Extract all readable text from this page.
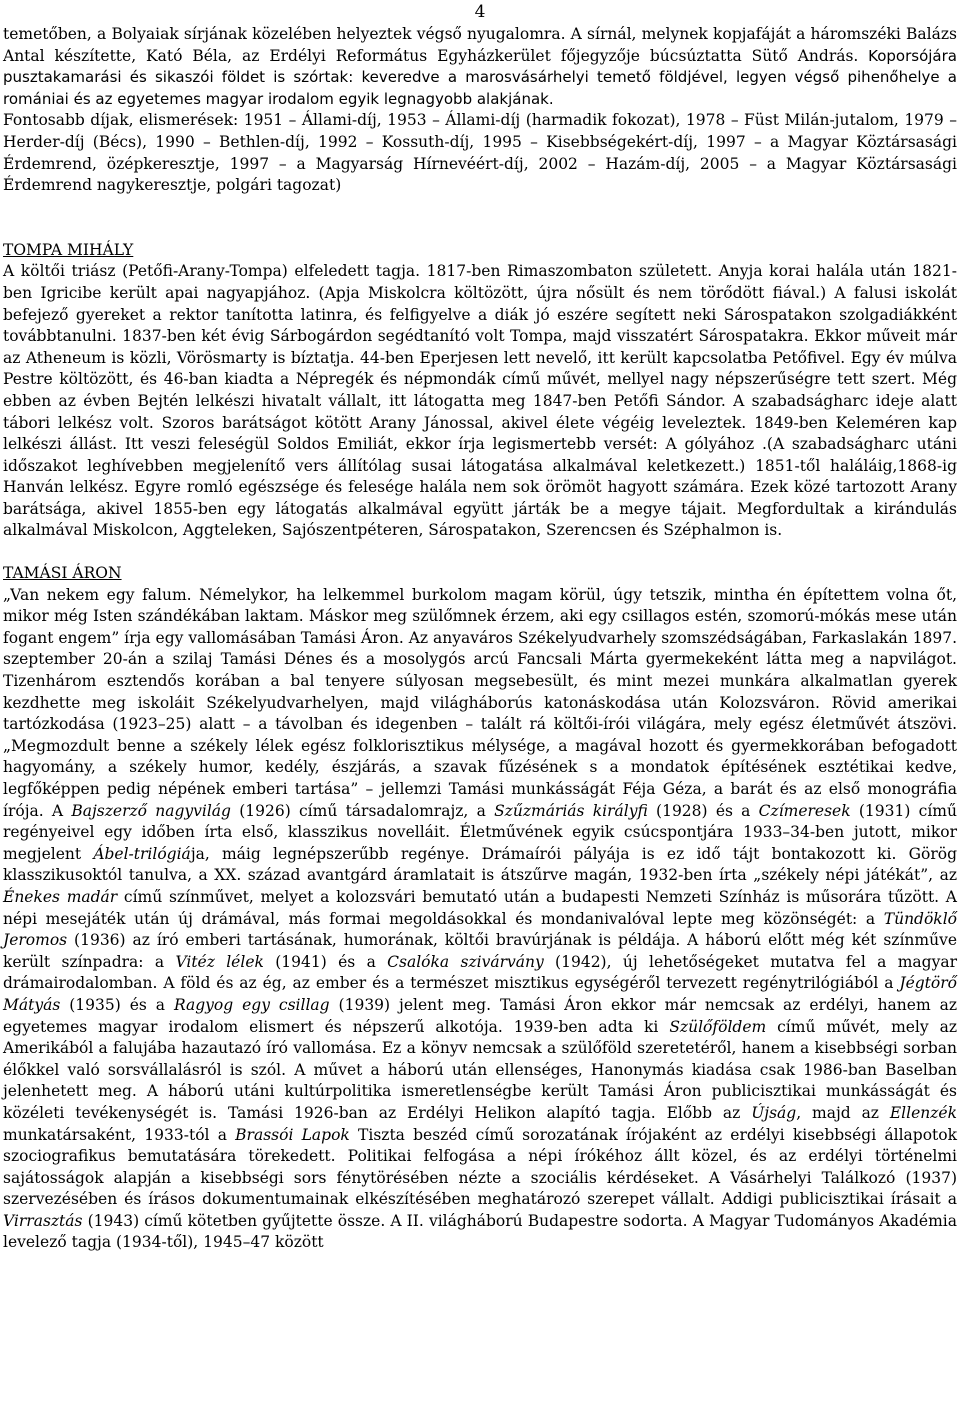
4

temetőben, a Bolyaiak sírjának közelében helyeztek végső nyugalomra. A sírnál, melynek kopjafáját a háromszéki Balázs Antal készítette, Kató Béla, az Erdélyi Református Egyházkerület főjegyzője búcsúztatta Sütő András. Koporsójára pusztakamarási és sikaszói földet is szórtak: keveredve a marosvásárhelyi temető földjével, legyen végső pihenőhelye a romániai és az egyetemes magyar irodalom egyik legnagyobb alakjának.

Fontosabb díjak, elismerések: 1951 – Állami-díj, 1953 – Állami-díj (harmadik fokozat), 1978 – Füst Milán-jutalom, 1979 – Herder-díj (Bécs), 1990 – Bethlen-díj, 1992 – Kossuth-díj, 1995 – Kisebbségekért-díj, 1997 – a Magyar Köztársasági Érdemrend, özépkeresztje, 1997 – a Magyarság Hírnevéért-díj, 2002 – Hazám-díj, 2005 – a Magyar Köztársasági Érdemrend nagykeresztje, polgári tagozat)

TOMPA MIHÁLY

A költői triász (Petőfi-Arany-Tompa) elfeledett tagja. 1817-ben Rimaszombaton született. Anyja korai halála után 1821-ben Igricibe került apai nagyapjához. (Apja Miskolcra költözött, újra nősült és nem törődött fiával.) A falusi iskolát befejező gyereket a rektor tanította latinra, és felfigyelve a diák jó eszére segített neki Sárospatakon szolgadiákként továbbtanulni. 1837-ben két évig Sárbogárdon segédtanító volt Tompa, majd visszatért Sárospatakra. Ekkor műveit már az Atheneum is közli, Vörösmarty is bíztatja. 44-ben Eperjesen lett nevelő, itt került kapcsolatba Petőfivel. Egy év múlva Pestre költözött, és 46-ban kiadta a Népregék és népmondák című művét, mellyel nagy népszerűségre tett szert. Még ebben az évben Bejtén lelkészi hivatalt vállalt, itt látogatta meg 1847-ben Petőfi Sándor. A szabadságharc ideje alatt tábori lelkész volt. Szoros barátságot kötött Arany Jánossal, akivel élete végéig leveleztek. 1849-ben Keleméren kap lelkészi állást. Itt veszi feleségül Soldos Emiliát, ekkor írja legismertebb versét: A gólyához .(A szabadságharc utáni időszakot leghívebben megjelenítő vers állítólag susai látogatása alkalmával keletkezett.) 1851-től haláláig,1868-ig Hanván lelkész. Egyre romló egészsége és felesége halála nem sok örömöt hagyott számára. Ezek közé tartozott Arany barátsága, akivel 1855-ben egy látogatás alkalmával együtt járták be a megye tájait. Megfordultak a kirándulás alkalmával Miskolcon, Aggteleken, Sajószentpéteren, Sárospatakon, Szerencsen és Széphalmon is.

TAMÁSI ÁRON

„Van nekem egy falum. Némelykor, ha lelkemmel burkolom magam körül, úgy tetszik, mintha én építettem volna őt, mikor még Isten szándékában laktam. Máskor meg szülőmnek érzem, aki egy csillagos estén, szomorú-mókás mese után fogant engem” írja egy vallomásában Tamási Áron. Az anyaváros Székelyudvarhely szomszédságában, Farkaslakán 1897. szeptember 20-án a szilaj Tamási Dénes és a mosolygós arcú Fancsali Márta gyermekeként látta meg a napvilágot. Tizenhárom esztendős korában a bal tenyere súlyosan megsebesült, és mint mezei munkára alkalmatlan gyerek kezdhette meg iskoláit Székelyudvarhelyen, majd világháborús katonáskodása után Kolozsváron. Rövid amerikai tartózkodása (1923–25) alatt – a távolban és idegenben – talált rá költői-írói világára, mely egész életművét átszövi. „Megmozdult benne a székely lélek egész folklorisztikus mélysége, a magával hozott és gyermekkorában befogadott hagyomány, a székely humor, kedély, észjárás, a szavak fűzésének s a mondatok építésének esztétikai kedve, legfőképpen pedig népének emberi tartása” – jellemzi Tamási munkásságát Féja Géza, a barát és az első monográfia írója. A Bajszerző nagyvilág (1926) című társadalomrajz, a Szűzmáriás királyfi (1928) és a Czímeresek (1931) című regényeivel egy időben írta első, klasszikus novelláit. Életművének egyik csúcspontjára 1933–34-ben jutott, mikor megjelent Ábel-trilógiája, máig legnépszerűbb regénye. Drámaírói pályája is ez idő tájt bontakozott ki. Görög klasszikusoktól tanulva, a XX. század avantgárd áramlatait is átszűrve magán, 1932-ben írta „székely népi játékát”, az Énekes madár című színművet, melyet a kolozsvári bemutató után a budapesti Nemzeti Színház is műsorára tűzött. A népi mesejáték után új drámával, más formai megoldásokkal és mondanivalóval lepte meg közönségét: a Tündöklő Jeromos (1936) az író emberi tartásának, humorának, költői bravúrjának is példája. A háború előtt még két színműve került színpadra: a Vitéz lélek (1941) és a Csalóka szivárvány (1942), új lehetőségeket mutatva fel a magyar drámairodalomban. A föld és az ég, az ember és a természet misztikus egységéről tervezett regénytrilógiából a Jégtörő Mátyás (1935) és a Ragyog egy csillag (1939) jelent meg. Tamási Áron ekkor már nemcsak az erdélyi, hanem az egyetemes magyar irodalom elismert és népszerű alkotója. 1939-ben adta ki Szülőföldem című művét, mely az Amerikából a falujába hazautazó író vallomása. Ez a könyv nemcsak a szülőföld szeretetéről, hanem a kisebbségi sorban élőkkel való sorsvállalásról is szól. A művet a háború után ellenséges, Hanonymás kiadása csak 1986-ban Baselban jelenhetett meg. A háború utáni kultúrpolitika ismeretlenségbe került Tamási Áron publicisztikai munkásságát és közéleti tevékenységét is. Tamási 1926-ban az Erdélyi Helikon alapító tagja. Előbb az Újság, majd az Ellenzék munkatársaként, 1933-tól a Brassói Lapok Tiszta beszéd című sorozatának írójaként az erdélyi kisebbségi állapotok szociografikus bemutatására törekedett. Politikai felfogása a népi írókéhoz állt közel, és az erdélyi történelmi sajátosságok alapján a kisebbségi sors fénytörésében nézte a szociális kérdéseket. A Vásárhelyi Találkozó (1937) szervezésében és írásos dokumentumainak elkészítésében meghatározó szerepet vállalt. Addigi publicisztikai írásait a Virrasztás (1943) című kötetben gyűjtette össze. A II. világháború Budapestre sodorta. A Magyar Tudományos Akadémia levelező tagja (1934-től), 1945–47 között
